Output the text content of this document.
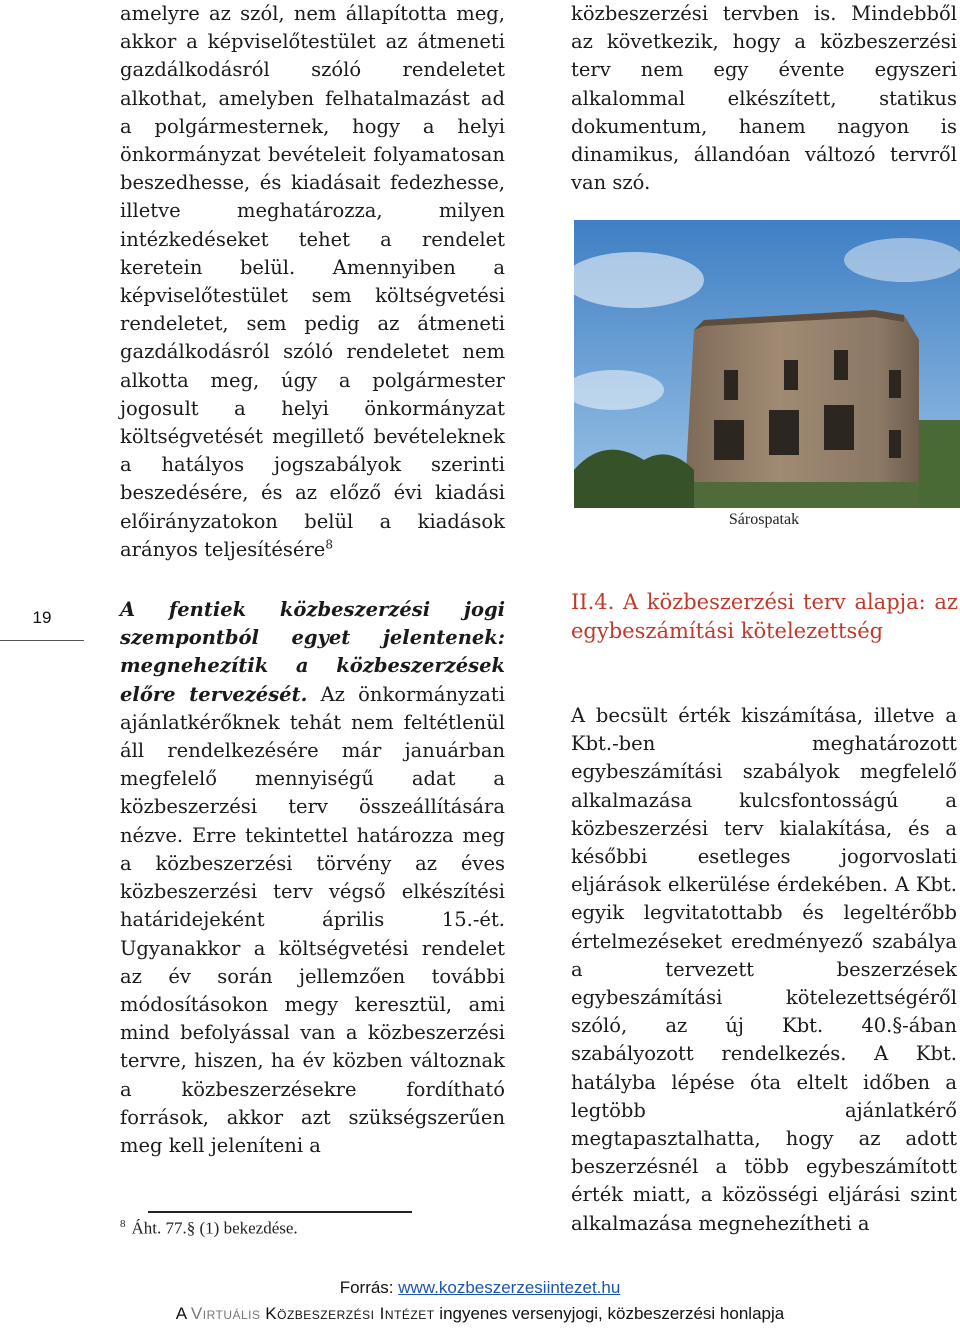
19

amelyre az szól, nem állapította meg, akkor a képviselőtestület az átmeneti gazdálkodásról szóló rendeletet alkothat, amelyben felhatalmazást ad a polgármesternek, hogy a helyi önkormányzat bevételeit folyamatosan beszedhesse, és kiadásait fedezhesse, illetve meghatározza, milyen intézkedéseket tehet a rendelet keretein belül. Amennyiben a képviselőtestület sem költségvetési rendeletet, sem pedig az átmeneti gazdálkodásról szóló rendeletet nem alkotta meg, úgy a polgármester jogosult a helyi önkormányzat költségvetését megillető bevételeknek a hatályos jogszabályok szerinti beszedésére, és az előző évi kiadási előirányzatokon belül a kiadások arányos teljesítésére$^8$

A fentiek közbeszerzési jogi szempontból egyet jelentenek: megnehezítik a közbeszerzések előre tervezését. Az önkormányzati ajánlatkérőknek tehát nem feltétlenül áll rendelkezésére már januárban megfelelő mennyiségű adat a közbeszerzési terv összeállítására nézve. Erre tekintettel határozza meg a közbeszerzési törvény az éves közbeszerzési terv végső elkészítési határidejeként április 15.-ét. Ugyanakkor a költségvetési rendelet az év során jellemzően további módosításokon megy keresztül, ami mind befolyással van a közbeszerzési tervre, hiszen, ha év közben változnak a közbeszerzésekre fordítható források, akkor azt szükségszerűen meg kell jeleníteni a

$^8$ Áht. 77.§ (1) bekezdése.

közbeszerzési tervben is. Mindebből az következik, hogy a közbeszerzési terv nem egy évente egyszeri alkalommal elkészített, statikus dokumentum, hanem nagyon is dinamikus, állandóan változó tervről van szó.

Sárospatak
II.4. A közbeszerzési terv alapja: az egybeszámítási kötelezettség

A becsült érték kiszámítása, illetve a Kbt.-ben meghatározott egybeszámítási szabályok megfelelő alkalmazása kulcsfontosságú a közbeszerzési terv kialakítása, és a későbbi esetleges jogorvoslati eljárások elkerülése érdekében. A Kbt. egyik legvitatottabb és legeltérőbb értelmezéseket eredményező szabálya a tervezett beszerzések egybeszámítási kötelezettségéről szóló, az új Kbt. 40.§-ában szabályozott rendelkezés. A Kbt. hatályba lépése óta eltelt időben a legtöbb ajánlatkérő megtapasztalhatta, hogy az adott beszerzésnél a több egybeszámított érték miatt, a közösségi eljárási szint alkalmazása megnehezítheti a

Forrás: www.kozbeszerzesiintezet.hu
A Virtuális Közbeszerzési Intézet ingyenes versenyjogi, közbeszerzési honlapja
